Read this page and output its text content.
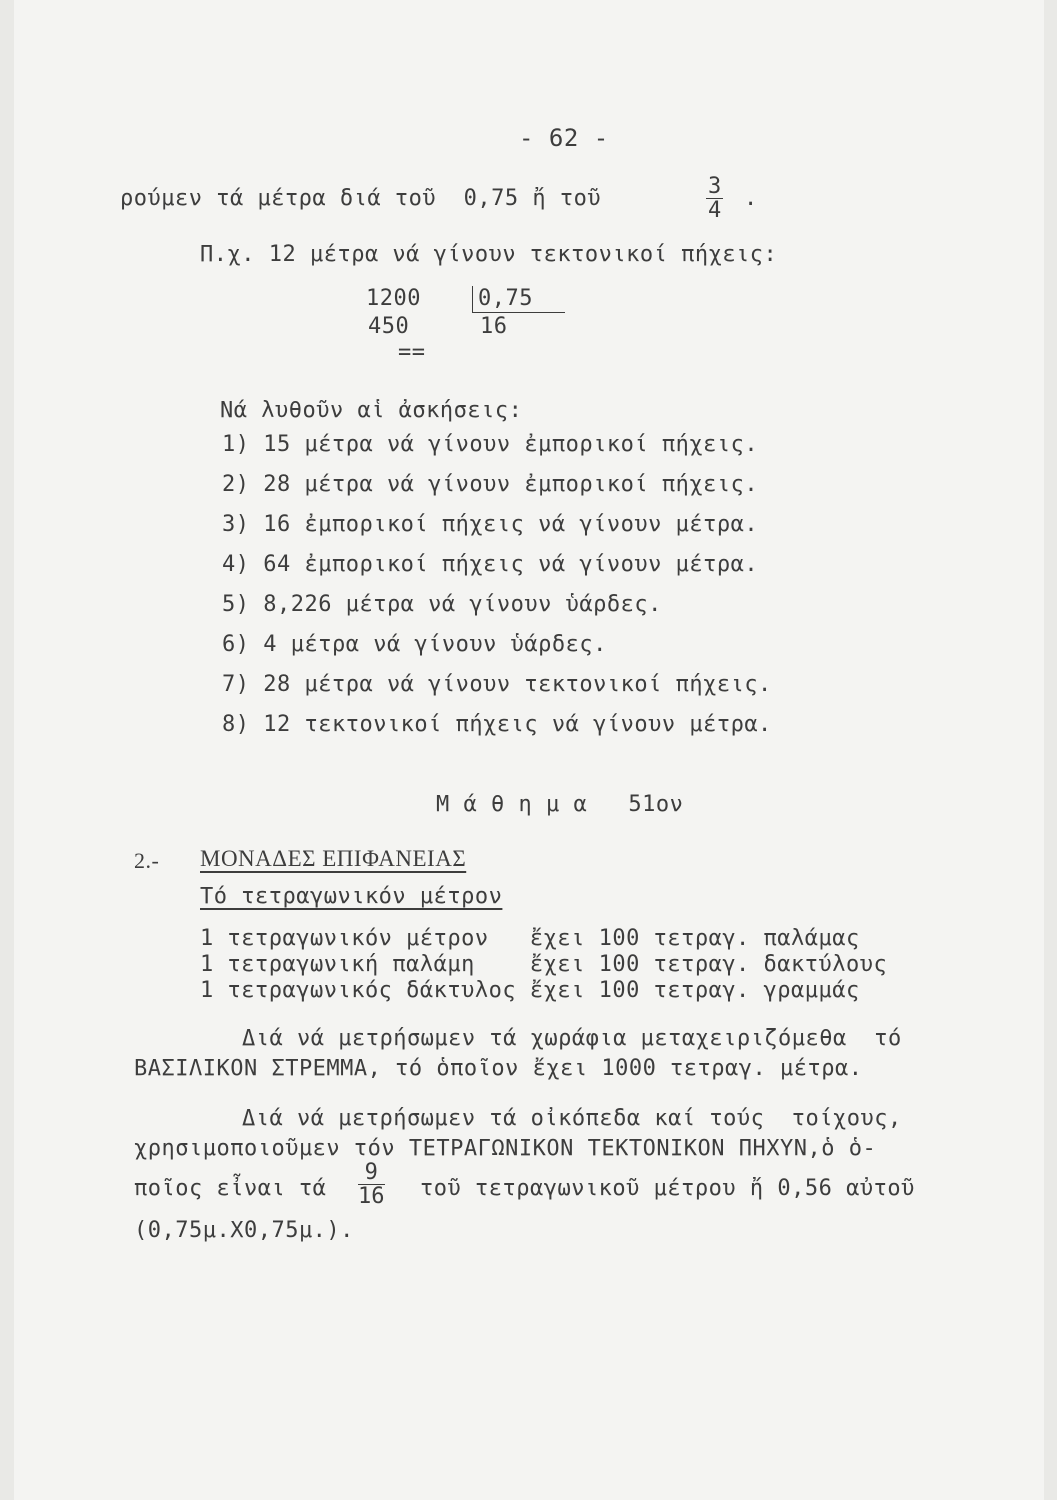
- 62 -
ρούμεν τά μέτρα διά τοῦ  0,75 ἤ τοῦ	$\frac{3}{4}$ .
Π.χ. 12 μέτρα νά γίνουν τεκτονικοί πήχεις:
1200	0,75
450	16
==
Νά λυθοῦν αἱ ἀσκήσεις:
1) 15 μέτρα νά γίνουν ἐμπορικοί πήχεις.
2) 28 μέτρα νά γίνουν ἐμπορικοί πήχεις.
3) 16 ἐμπορικοί πήχεις νά γίνουν μέτρα.
4) 64 ἐμπορικοί πήχεις νά γίνουν μέτρα.
5) 8,226 μέτρα νά γίνουν ὑάρδες.
6) 4 μέτρα νά γίνουν ὑάρδες.
7) 28 μέτρα νά γίνουν τεκτονικοί πήχεις.
8) 12 τεκτονικοί πήχεις νά γίνουν μέτρα.
Μ ά θ η μ α   51ον
2.- ΜΟΝΑΔΕΣ ΕΠΙΦΑΝΕΙΑΣ
Τό τετραγωνικόν μέτρον
1 τετραγωνικόν μέτρον   ἔχει 100 τετραγ. παλάμας
1 τετραγωνική παλάμη    ἔχει 100 τετραγ. δακτύλους
1 τετραγωνικός δάκτυλος ἔχει 100 τετραγ. γραμμάς
Διά νά μετρήσωμεν τά χωράφια μεταχειριζόμεθα  τό
ΒΑΣΙΛΙΚΟΝ ΣΤΡΕΜΜΑ, τό ὁποῖον ἔχει 1000 τετραγ. μέτρα.
Διά νά μετρήσωμεν τά οἰκόπεδα καί τούς  τοίχους,
χρησιμοποιοῦμεν τόν ΤΕΤΡΑΓΩΝΙΚΟΝ ΤΕΚΤΟΝΙΚΟΝ ΠΗΧΥΝ,ὁ ὁ-
ποῖος εἶναι τά $\frac{9}{16}$ τοῦ τετραγωνικοῦ μέτρου ἤ 0,56 αὐτοῦ
(0,75μ.Χ0,75μ.).
